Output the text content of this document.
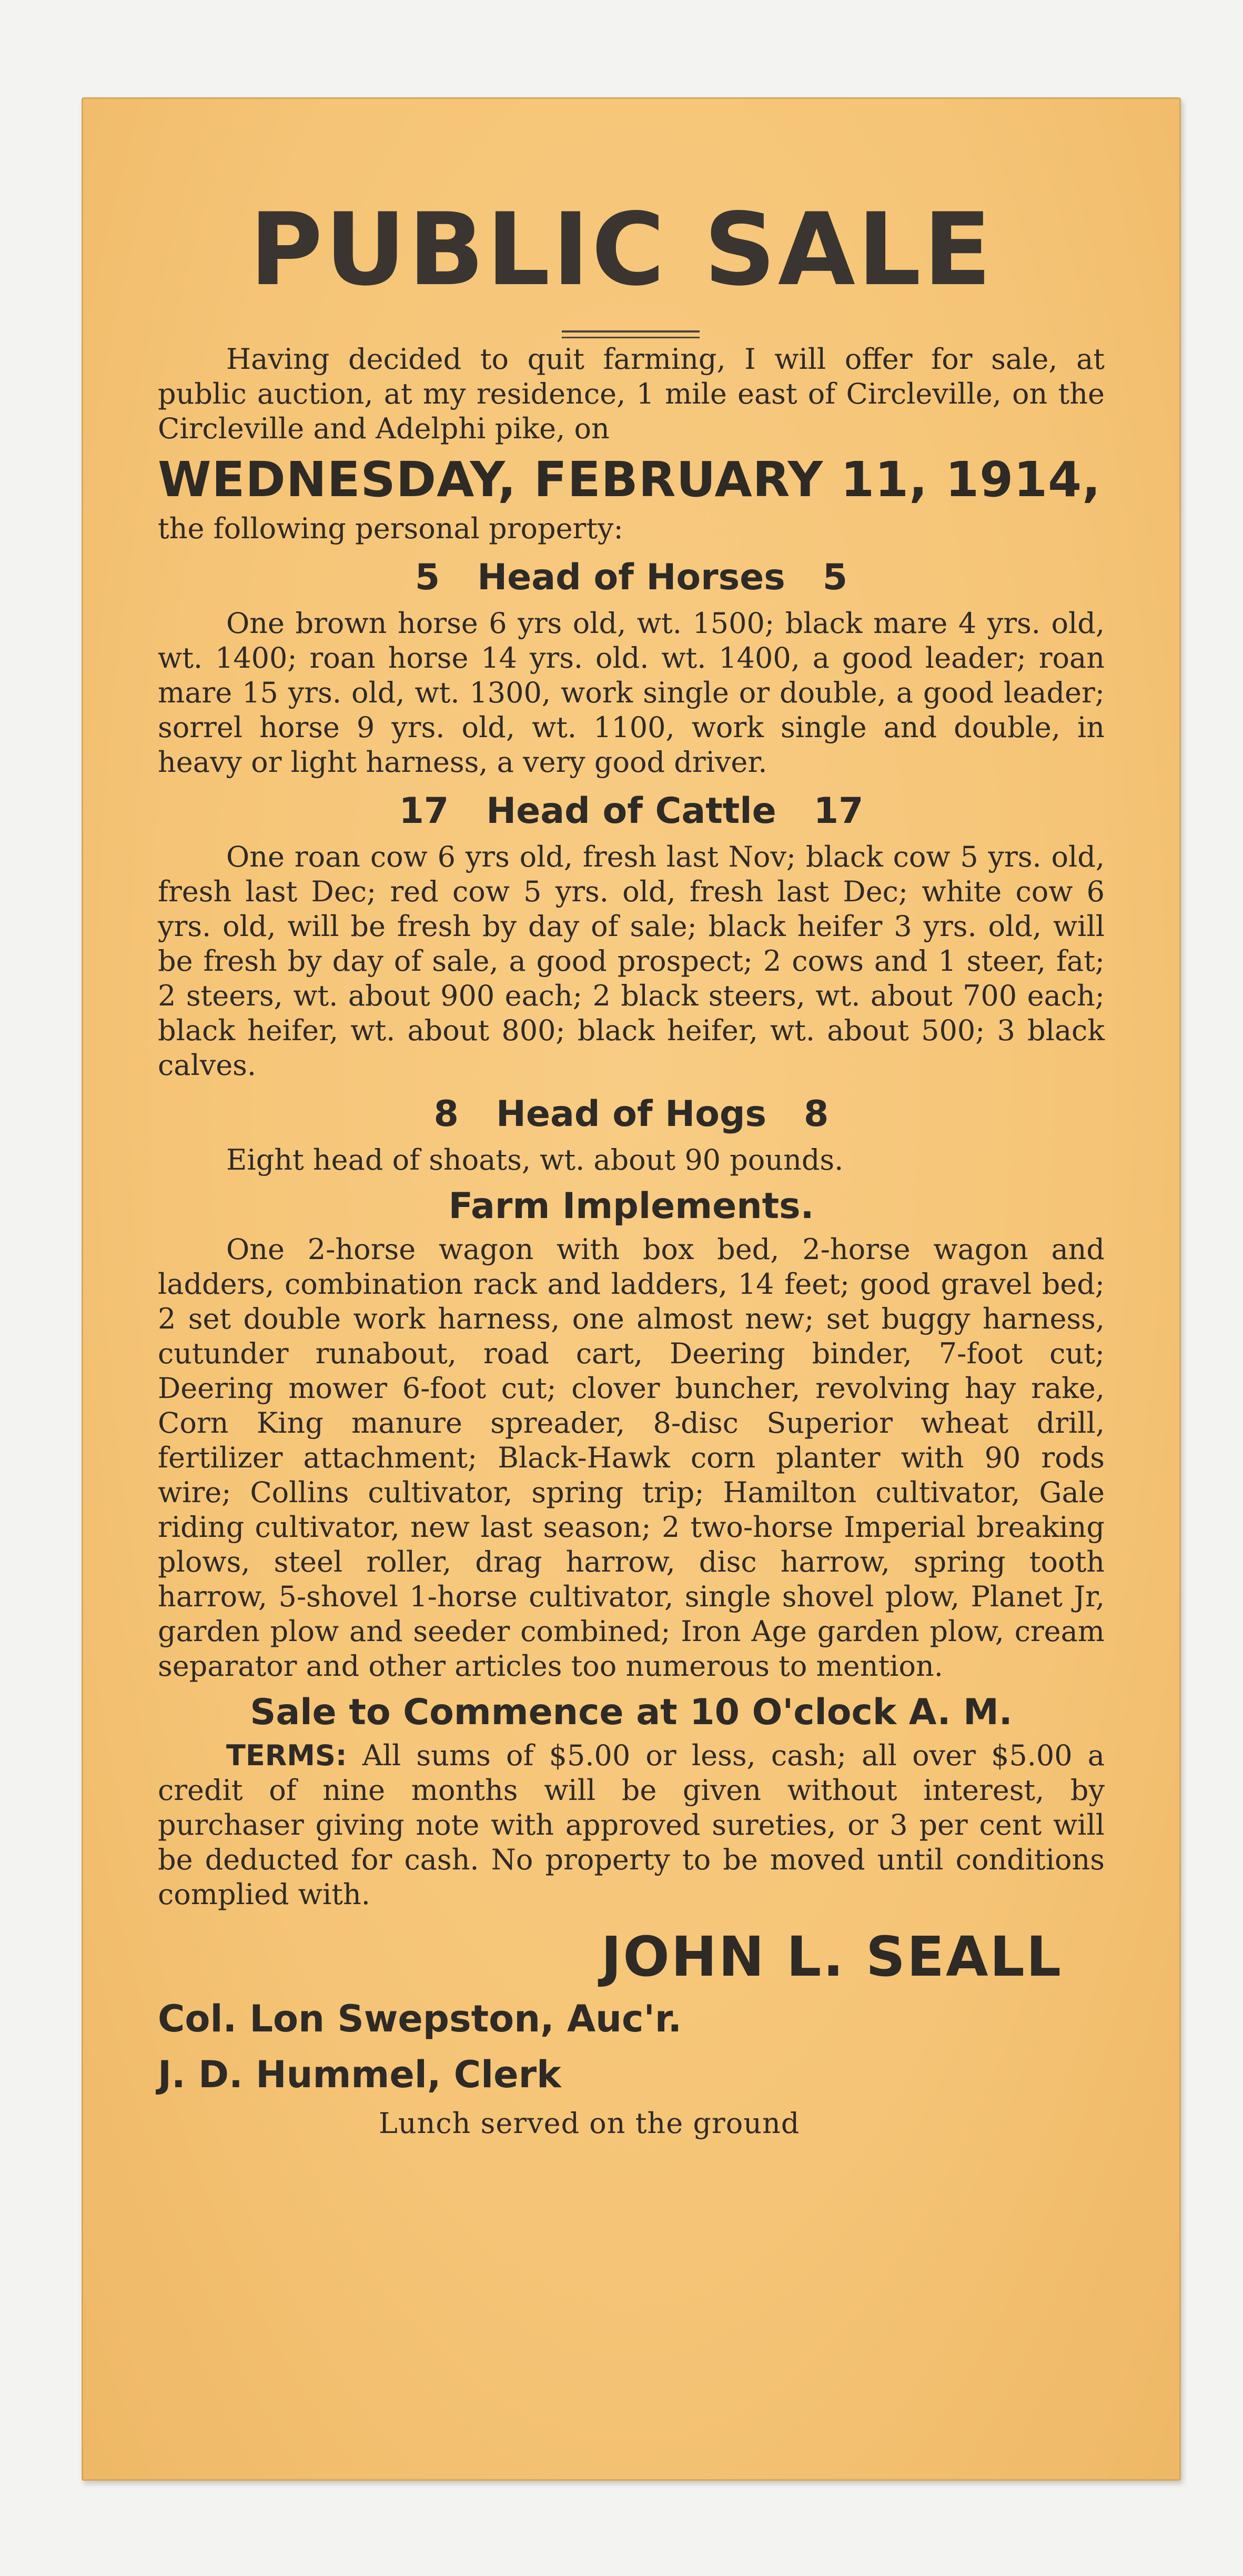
PUBLIC SALE

Having decided to quit farming, I will offer for sale, at public auction, at my residence, 1 mile east of Circleville, on the Circleville and Adelphi pike, on

WEDNESDAY, FEBRUARY 11, 1914,

the following personal property:

5   Head of Horses   5

One brown horse 6 yrs old, wt. 1500; black mare 4 yrs. old, wt. 1400; roan horse 14 yrs. old. wt. 1400, a good leader; roan mare 15 yrs. old, wt. 1300, work single or double, a good leader; sorrel horse 9 yrs. old, wt. 1100, work single and double, in heavy or light harness, a very good driver.

17   Head of Cattle   17

One roan cow 6 yrs old, fresh last Nov; black cow 5 yrs. old, fresh last Dec; red cow 5 yrs. old, fresh last Dec; white cow 6 yrs. old, will be fresh by day of sale; black heifer 3 yrs. old, will be fresh by day of sale, a good prospect; 2 cows and 1 steer, fat; 2 steers, wt. about 900 each; 2 black steers, wt. about 700 each; black heifer, wt. about 800; black heifer, wt. about 500; 3 black calves.

8   Head of Hogs   8

Eight head of shoats, wt. about 90 pounds.

Farm Implements.

One 2-horse wagon with box bed, 2-horse wagon and ladders, combination rack and ladders, 14 feet; good gravel bed; 2 set double work harness, one almost new; set buggy harness, cutunder runabout, road cart, Deering binder, 7-foot cut; Deering mower 6-foot cut; clover buncher, revolving hay rake, Corn King manure spreader, 8-disc Superior wheat drill, fertilizer attachment; Black-Hawk corn planter with 90 rods wire; Collins cultivator, spring trip; Hamilton cultivator, Gale riding cultivator, new last season; 2 two-horse Imperial breaking plows, steel roller, drag harrow, disc harrow, spring tooth harrow, 5-shovel 1-horse cultivator, single shovel plow, Planet Jr, garden plow and seeder combined; Iron Age garden plow, cream separator and other articles too numerous to mention.

Sale to Commence at 10 O'clock A. M.

TERMS: All sums of $5.00 or less, cash; all over $5.00 a credit of nine months will be given without interest, by purchaser giving note with approved sureties, or 3 per cent will be deducted for cash. No property to be moved until conditions complied with.

JOHN L. SEALL
Col. Lon Swepston, Auc'r.
J. D. Hummel, Clerk
Lunch served on the ground
